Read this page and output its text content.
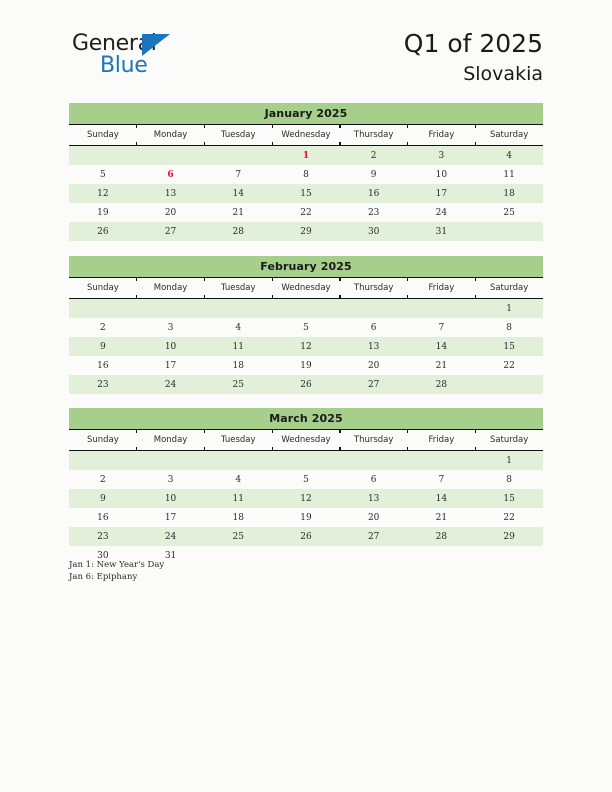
General
Blue
Q1 of 2025
Slovakia
January 2025
Sunday	Monday	Tuesday	Wednesday	Thursday	Friday	Saturday
			1	2	3	4
5	6	7	8	9	10	11
12	13	14	15	16	17	18
19	20	21	22	23	24	25
26	27	28	29	30	31	
February 2025
Sunday	Monday	Tuesday	Wednesday	Thursday	Friday	Saturday
						1
2	3	4	5	6	7	8
9	10	11	12	13	14	15
16	17	18	19	20	21	22
23	24	25	26	27	28	
March 2025
Sunday	Monday	Tuesday	Wednesday	Thursday	Friday	Saturday
						1
2	3	4	5	6	7	8
9	10	11	12	13	14	15
16	17	18	19	20	21	22
23	24	25	26	27	28	29
30	31					
Jan 1: New Year's Day
Jan 6: Epiphany
